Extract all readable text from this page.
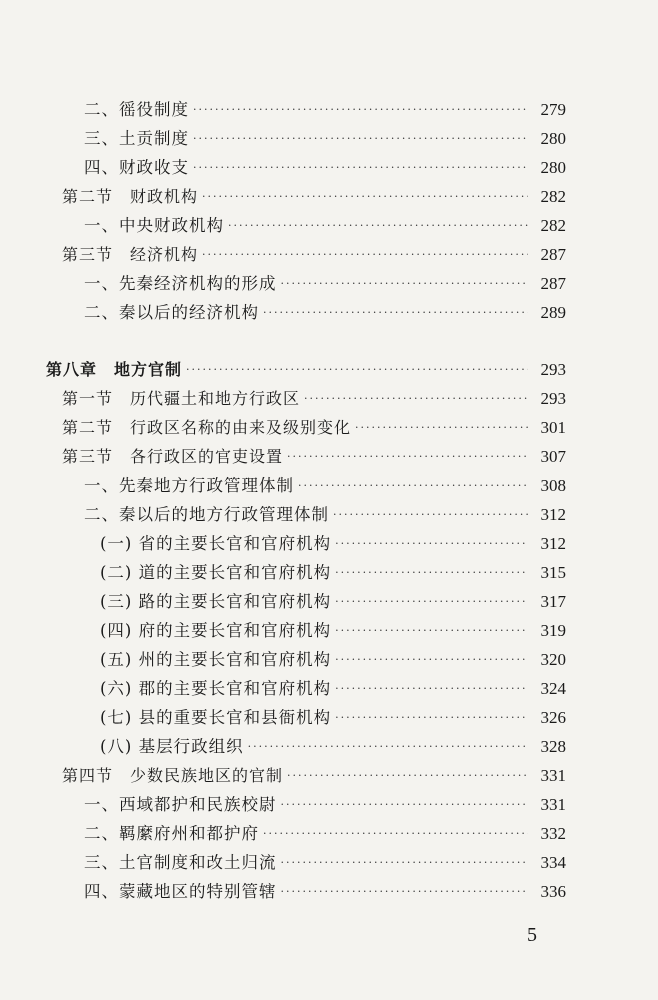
二、徭役制度 ·····	279
三、土贡制度 ·····	280
四、财政收支 ·····	280
第二节　财政机构 ·····	282
一、中央财政机构 ·····	282
第三节　经济机构 ·····	287
一、先秦经济机构的形成 ·····	287
二、秦以后的经济机构 ·····	289
第八章　地方官制 ·····	293
第一节　历代疆土和地方行政区 ·····	293
第二节　行政区名称的由来及级别变化 ·····	301
第三节　各行政区的官吏设置 ·····	307
一、先秦地方行政管理体制 ·····	308
二、秦以后的地方行政管理体制 ·····	312
(一) 省的主要长官和官府机构 ·····	312
(二) 道的主要长官和官府机构 ·····	315
(三) 路的主要长官和官府机构 ·····	317
(四) 府的主要长官和官府机构 ·····	319
(五) 州的主要长官和官府机构 ·····	320
(六) 郡的主要长官和官府机构 ·····	324
(七) 县的重要长官和县衙机构 ·····	326
(八) 基层行政组织 ·····	328
第四节　少数民族地区的官制 ·····	331
一、西域都护和民族校尉 ·····	331
二、羁縻府州和都护府 ·····	332
三、土官制度和改土归流 ·····	334
四、蒙藏地区的特别管辖 ·····	336
5
